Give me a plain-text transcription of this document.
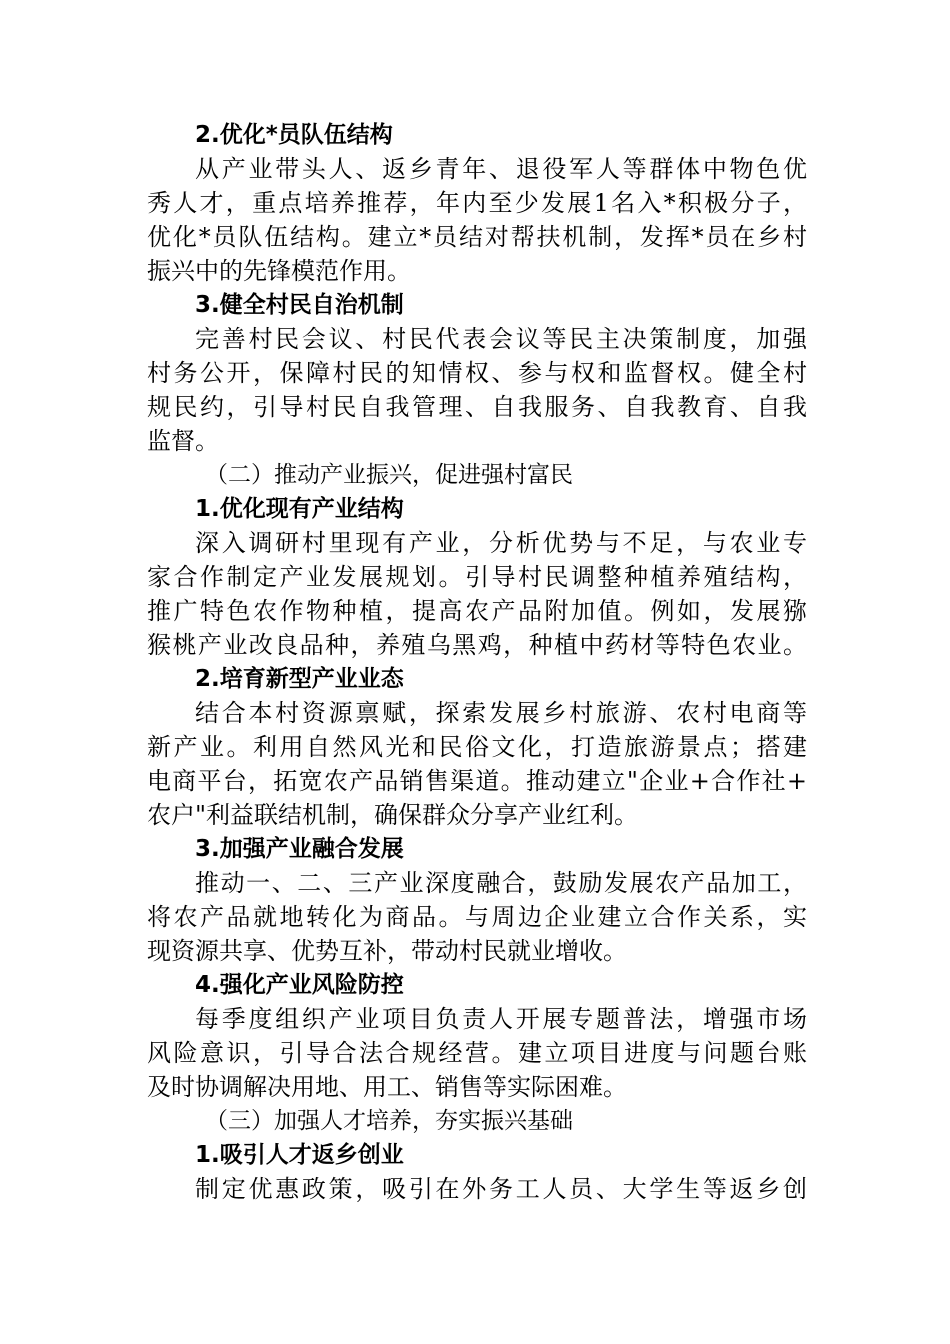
2.优化*员队伍结构

从产业带头人、返乡青年、退役军人等群体中物色优

秀人才，重点培养推荐，年内至少发展1名入*积极分子，

优化*员队伍结构。建立*员结对帮扶机制，发挥*员在乡村

振兴中的先锋模范作用。

3.健全村民自治机制

完善村民会议、村民代表会议等民主决策制度，加强

村务公开，保障村民的知情权、参与权和监督权。健全村

规民约，引导村民自我管理、自我服务、自我教育、自我

监督。

（二）推动产业振兴，促进强村富民

1.优化现有产业结构

深入调研村里现有产业，分析优势与不足，与农业专

家合作制定产业发展规划。引导村民调整种植养殖结构，

推广特色农作物种植，提高农产品附加值。例如，发展猕

猴桃产业改良品种，养殖乌黑鸡，种植中药材等特色农业。

2.培育新型产业业态

结合本村资源禀赋，探索发展乡村旅游、农村电商等

新产业。利用自然风光和民俗文化，打造旅游景点；搭建

电商平台，拓宽农产品销售渠道。推动建立"企业+合作社+

农户"利益联结机制，确保群众分享产业红利。

3.加强产业融合发展

推动一、二、三产业深度融合，鼓励发展农产品加工，

将农产品就地转化为商品。与周边企业建立合作关系，实

现资源共享、优势互补，带动村民就业增收。

4.强化产业风险防控

每季度组织产业项目负责人开展专题普法，增强市场

风险意识，引导合法合规经营。建立项目进度与问题台账

及时协调解决用地、用工、销售等实际困难。

（三）加强人才培养，夯实振兴基础

1.吸引人才返乡创业

制定优惠政策，吸引在外务工人员、大学生等返乡创
